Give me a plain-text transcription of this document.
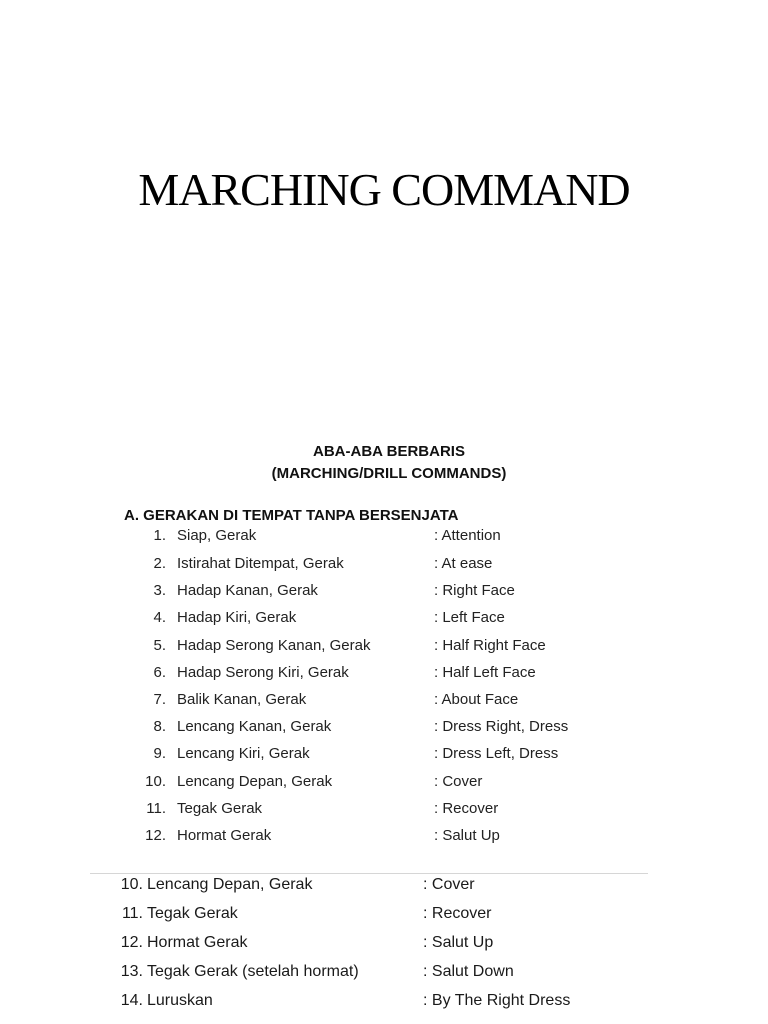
MARCHING COMMAND
ABA-ABA BERBARIS
(MARCHING/DRILL COMMANDS)
A. GERAKAN DI TEMPAT TANPA BERSENJATA
1. Siap, Gerak	: Attention
2. Istirahat Ditempat, Gerak	: At ease
3. Hadap Kanan, Gerak	: Right Face
4. Hadap Kiri, Gerak	: Left Face
5. Hadap Serong Kanan, Gerak	: Half Right Face
6. Hadap Serong Kiri, Gerak	: Half Left Face
7. Balik Kanan, Gerak	: About Face
8. Lencang Kanan, Gerak	: Dress Right, Dress
9. Lencang Kiri, Gerak	: Dress Left, Dress
10. Lencang Depan, Gerak	: Cover
11. Tegak Gerak	: Recover
12. Hormat Gerak	: Salut Up
10. Lencang Depan, Gerak	: Cover
11. Tegak Gerak	: Recover
12. Hormat Gerak	: Salut Up
13. Tegak Gerak (setelah hormat)	: Salut Down
14. Luruskan	: By The Right Dress
